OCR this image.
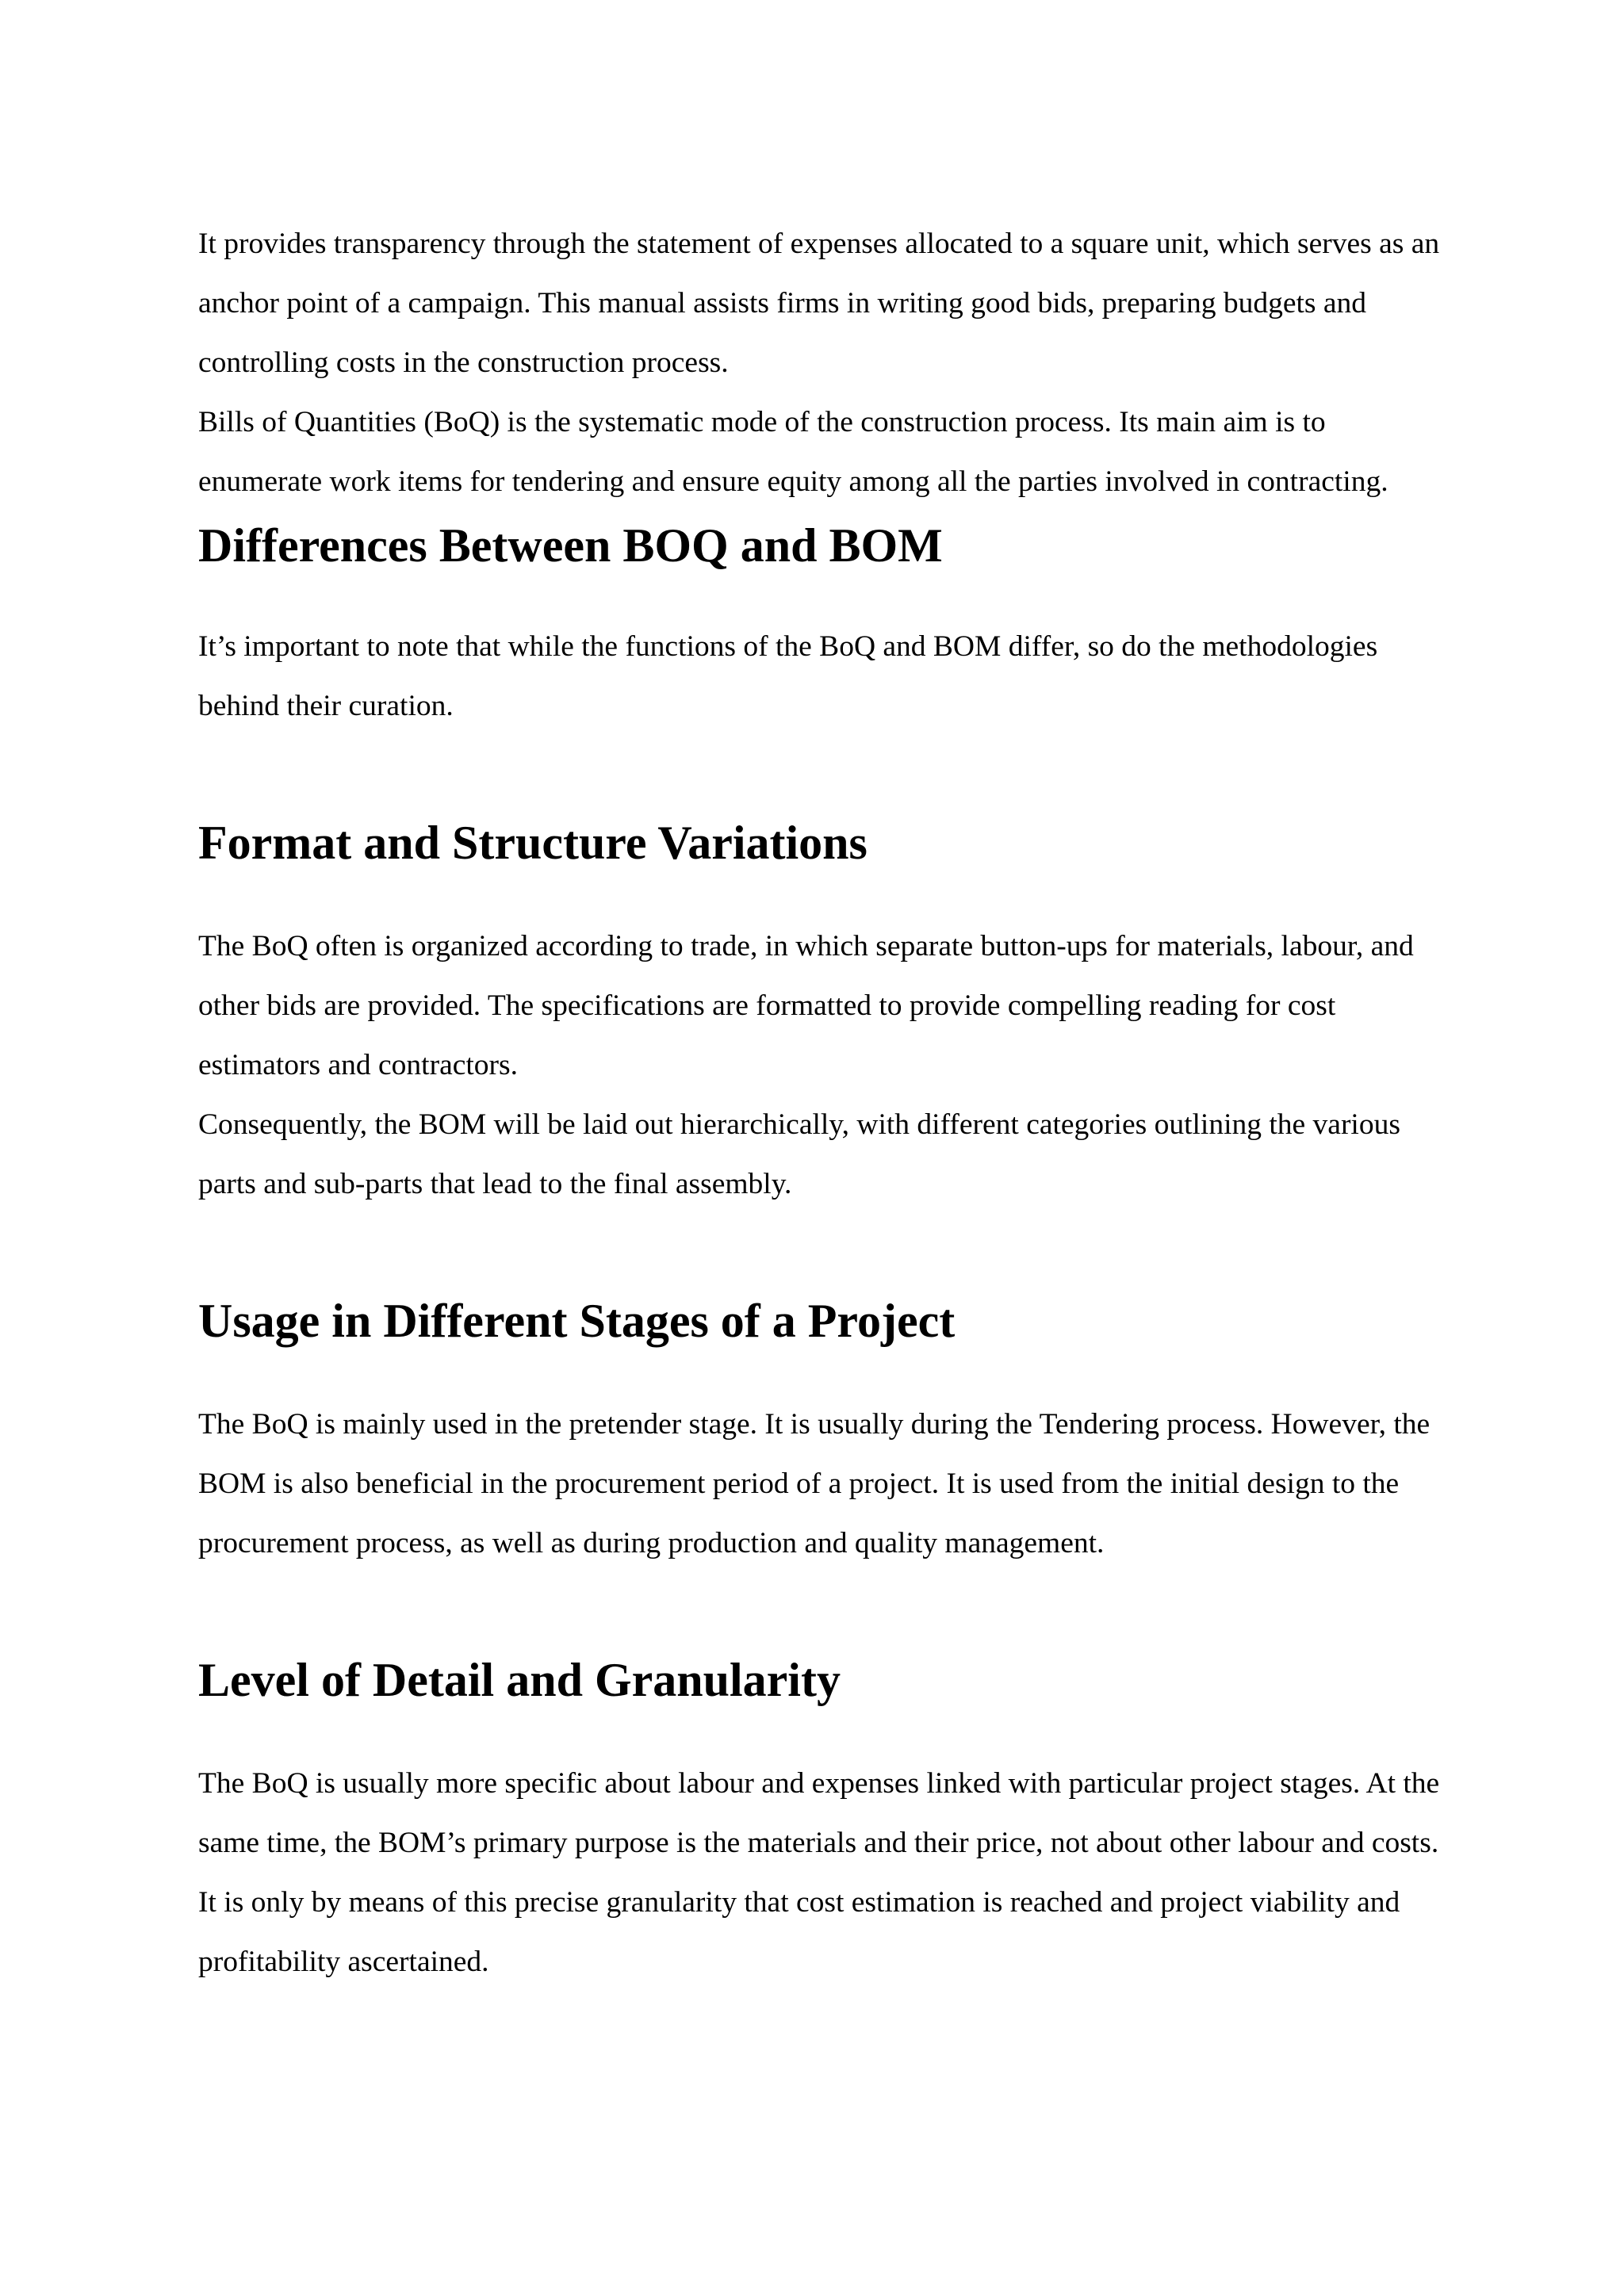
It provides transparency through the statement of expenses allocated to a square unit, which serves as an anchor point of a campaign. This manual assists firms in writing good bids, preparing budgets and controlling costs in the construction process.

Bills of Quantities (BoQ) is the systematic mode of the construction process. Its main aim is to enumerate work items for tendering and ensure equity among all the parties involved in contracting.

Differences Between BOQ and BOM

It’s important to note that while the functions of the BoQ and BOM differ, so do the methodologies behind their curation.

Format and Structure Variations

The BoQ often is organized according to trade, in which separate button-ups for materials, labour, and other bids are provided. The specifications are formatted to provide compelling reading for cost estimators and contractors.

Consequently, the BOM will be laid out hierarchically, with different categories outlining the various parts and sub-parts that lead to the final assembly.

Usage in Different Stages of a Project

The BoQ is mainly used in the pretender stage. It is usually during the Tendering process. However, the BOM is also beneficial in the procurement period of a project. It is used from the initial design to the procurement process, as well as during production and quality management.

Level of Detail and Granularity

The BoQ is usually more specific about labour and expenses linked with particular project stages. At the same time, the BOM’s primary purpose is the materials and their price, not about other labour and costs. It is only by means of this precise granularity that cost estimation is reached and project viability and profitability ascertained.
